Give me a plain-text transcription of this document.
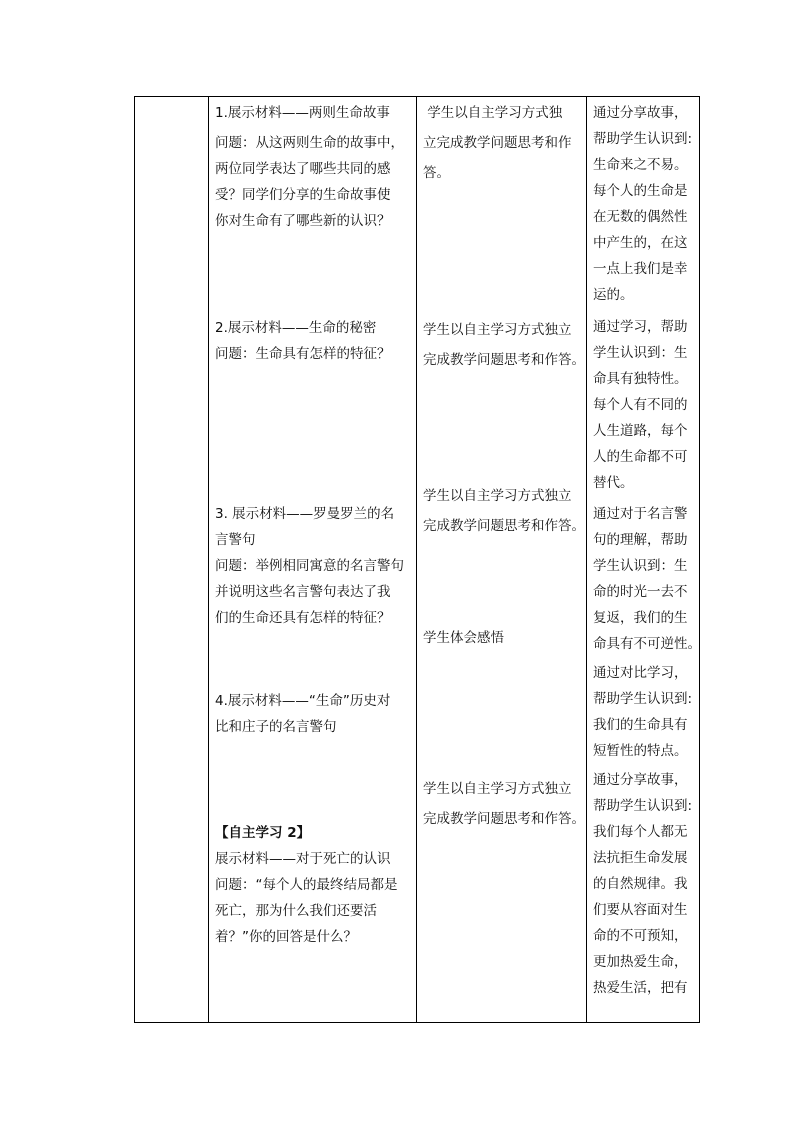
1.展示材料——两则生命故事
问题：从这两则生命的故事中，
两位同学表达了哪些共同的感
受？同学们分享的生命故事使
你对生命有了哪些新的认识？
2.展示材料——生命的秘密
问题：生命具有怎样的特征？
3. 展示材料——罗曼罗兰的名
言警句
问题：举例相同寓意的名言警句
并说明这些名言警句表达了我
们的生命还具有怎样的特征？
4.展示材料——“生命”历史对
比和庄子的名言警句
【自主学习 2】
展示材料——对于死亡的认识
问题：“每个人的最终结局都是
死亡，那为什么我们还要活
着？”你的回答是什么？
学生以自主学习方式独
立完成教学问题思考和作
答。
学生以自主学习方式独立
完成教学问题思考和作答。
学生以自主学习方式独立
完成教学问题思考和作答。
学生体会感悟
学生以自主学习方式独立
完成教学问题思考和作答。
通过分享故事，
帮助学生认识到:
生命来之不易。
每个人的生命是
在无数的偶然性
中产生的，在这
一点上我们是幸
运的。
通过学习，帮助
学生认识到：生
命具有独特性。
每个人有不同的
人生道路，每个
人的生命都不可
替代。
通过对于名言警
句的理解，帮助
学生认识到：生
命的时光一去不
复返，我们的生
命具有不可逆性。
通过对比学习，
帮助学生认识到:
我们的生命具有
短暂性的特点。
通过分享故事，
帮助学生认识到:
我们每个人都无
法抗拒生命发展
的自然规律。我
们要从容面对生
命的不可预知，
更加热爱生命，
热爱生活，把有
